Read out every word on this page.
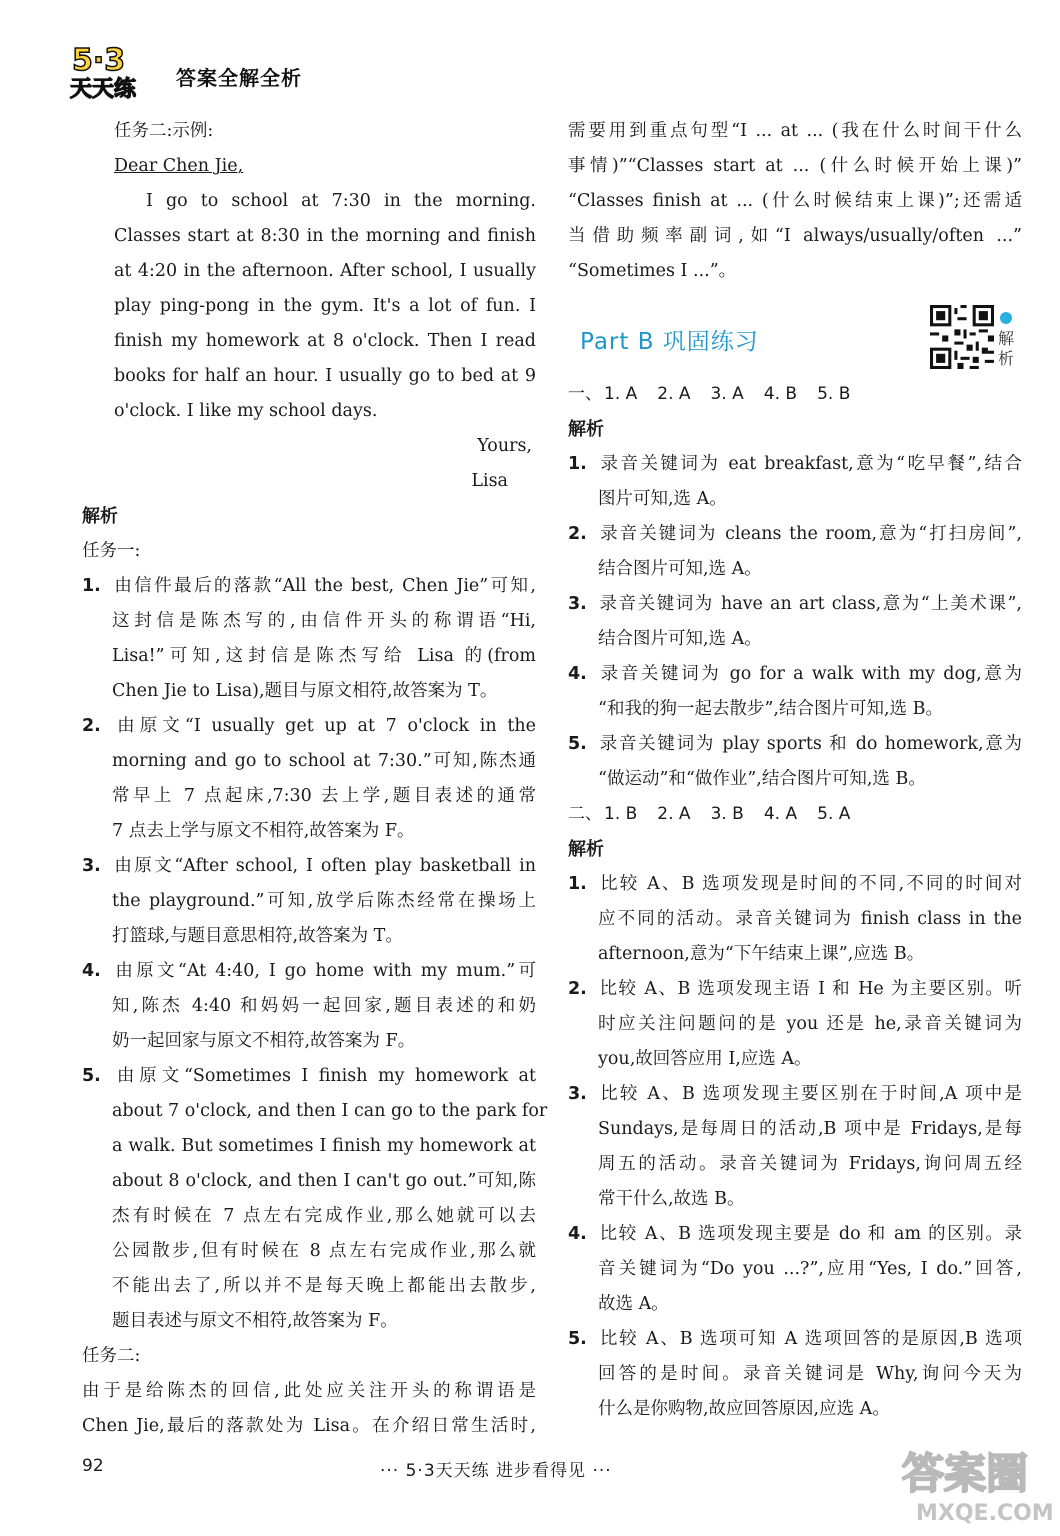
5·3
天天练 答案全解全析
任务二:示例:
Dear Chen Jie,
I go to school at 7:30 in the morning.
Classes start at 8:30 in the morning and finish
at 4:20 in the afternoon. After school, I usually
play ping-pong in the gym. It's a lot of fun. I
finish my homework at 8 o'clock. Then I read
books for half an hour. I usually go to bed at 9
o'clock. I like my school days.
Yours,
Lisa
解析
任务一:
1. 由信件最后的落款“All the best, Chen Jie”可知,
这封信是陈杰写的,由信件开头的称谓语“Hi,
Lisa!”可知,这封信是陈杰写给 Lisa 的(from
Chen Jie to Lisa),题目与原文相符,故答案为 T。
2. 由原文“I usually get up at 7 o'clock in the
morning and go to school at 7:30.”可知,陈杰通
常早上 7 点起床,7:30 去上学,题目表述的通常
7 点去上学与原文不相符,故答案为 F。
3. 由原文“After school, I often play basketball in
the playground.”可知,放学后陈杰经常在操场上
打篮球,与题目意思相符,故答案为 T。
4. 由原文“At 4:40, I go home with my mum.”可
知,陈杰 4:40 和妈妈一起回家,题目表述的和奶
奶一起回家与原文不相符,故答案为 F。
5. 由原文“Sometimes I finish my homework at
about 7 o'clock, and then I can go to the park for
a walk. But sometimes I finish my homework at
about 8 o'clock, and then I can't go out.”可知,陈
杰有时候在 7 点左右完成作业,那么她就可以去
公园散步,但有时候在 8 点左右完成作业,那么就
不能出去了,所以并不是每天晚上都能出去散步,
题目表述与原文不相符,故答案为 F。
任务二:
由于是给陈杰的回信,此处应关注开头的称谓语是
Chen Jie,最后的落款处为 Lisa。在介绍日常生活时,
需要用到重点句型“I ... at ... (我在什么时间干什么
事情)”“Classes start at ... (什么时候开始上课)”
“Classes finish at ... (什么时候结束上课)”;还需适
当借助频率副词,如“I always/usually/often ...”
“Sometimes I ...”。
Part B 巩固练习	解析
一、 1. A 2. A 3. A 4. B 5. B
解析
1. 录音关键词为 eat breakfast,意为“吃早餐”,结合
图片可知,选 A。
2. 录音关键词为 cleans the room,意为“打扫房间”,
结合图片可知,选 A。
3. 录音关键词为 have an art class,意为“上美术课”,
结合图片可知,选 A。
4. 录音关键词为 go for a walk with my dog,意为
“和我的狗一起去散步”,结合图片可知,选 B。
5. 录音关键词为 play sports 和 do homework,意为
“做运动”和“做作业”,结合图片可知,选 B。
二、 1. B 2. A 3. B 4. A 5. A
解析
1. 比较 A、B 选项发现是时间的不同,不同的时间对
应不同的活动。录音关键词为 finish class in the
afternoon,意为“下午结束上课”,应选 B。
2. 比较 A、B 选项发现主语 I 和 He 为主要区别。听
时应关注问题问的是 you 还是 he,录音关键词为
you,故回答应用 I,应选 A。
3. 比较 A、B 选项发现主要区别在于时间,A 项中是
Sundays,是每周日的活动,B 项中是 Fridays,是每
周五的活动。录音关键词为 Fridays,询问周五经
常干什么,故选 B。
4. 比较 A、B 选项发现主要是 do 和 am 的区别。录
音关键词为“Do you ...?”,应用“Yes, I do.”回答,
故选 A。
5. 比较 A、B 选项可知 A 选项回答的是原因,B 选项
回答的是时间。录音关键词是 Why,询问今天为
什么是你购物,故应回答原因,应选 A。
92	··· 5·3天天练 进步看得见 ···	答案圈
MXQE.COM
